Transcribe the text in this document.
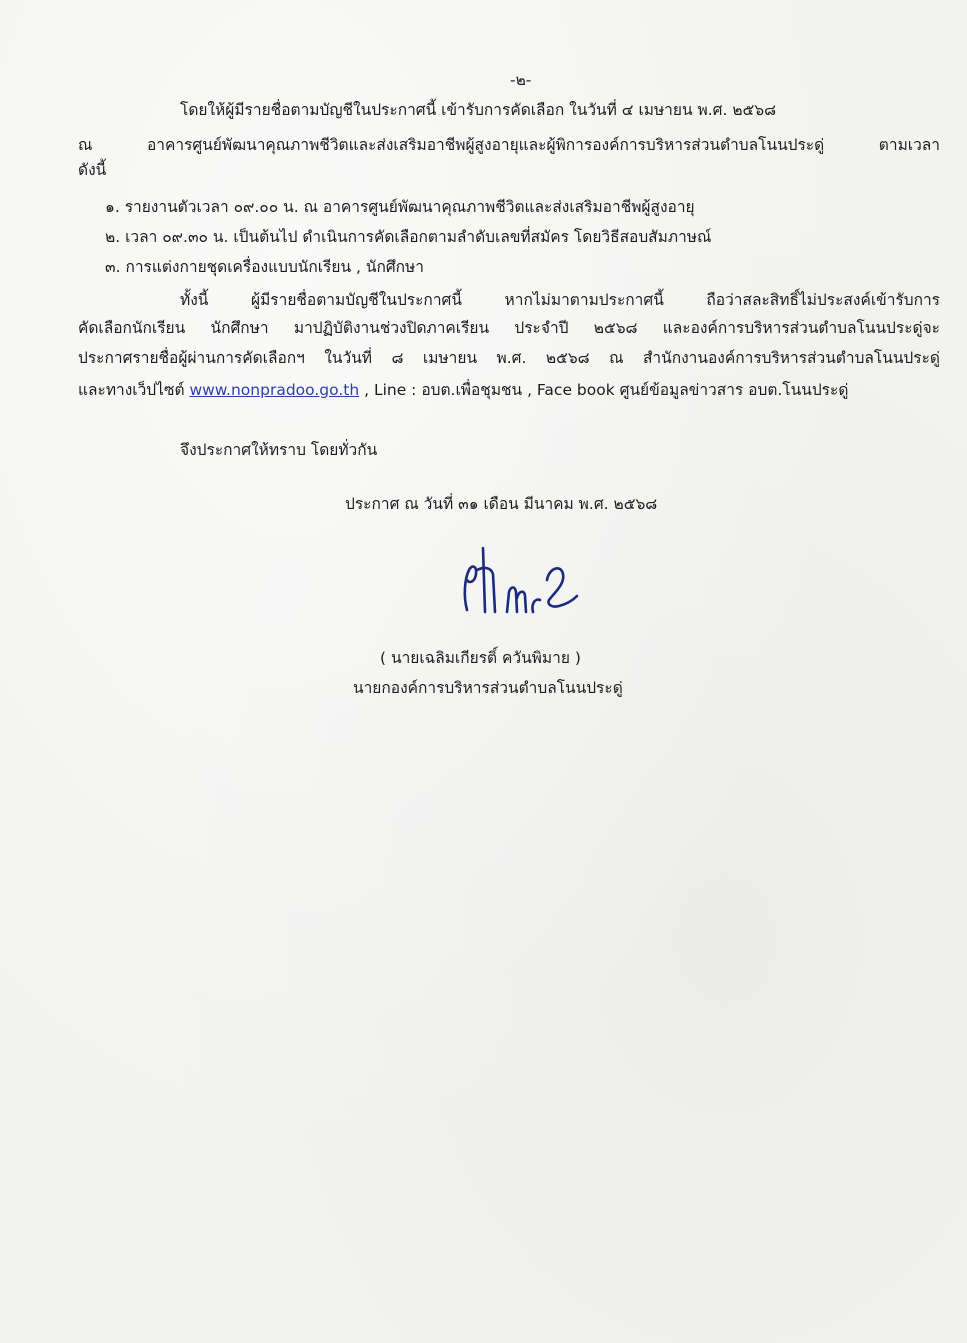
-๒-
โดยให้ผู้มีรายชื่อตามบัญชีในประกาศนี้ เข้ารับการคัดเลือก ในวันที่ ๔ เมษายน พ.ศ. ๒๕๖๘
ณ อาคารศูนย์พัฒนาคุณภาพชีวิตและส่งเสริมอาชีพผู้สูงอายุและผู้พิการองค์การบริหารส่วนตำบลโนนประดู่ ตามเวลา
ดังนี้
๑. รายงานตัวเวลา ๐๙.๐๐ น. ณ อาคารศูนย์พัฒนาคุณภาพชีวิตและส่งเสริมอาชีพผู้สูงอายุ
๒. เวลา ๐๙.๓๐ น. เป็นต้นไป ดำเนินการคัดเลือกตามลำดับเลขที่สมัคร โดยวิธีสอบสัมภาษณ์
๓. การแต่งกายชุดเครื่องแบบนักเรียน , นักศึกษา
ทั้งนี้ ผู้มีรายชื่อตามบัญชีในประกาศนี้ หากไม่มาตามประกาศนี้ ถือว่าสละสิทธิ์ไม่ประสงค์เข้ารับการ
คัดเลือกนักเรียน นักศึกษา มาปฏิบัติงานช่วงปิดภาคเรียน ประจำปี ๒๕๖๘ และองค์การบริหารส่วนตำบลโนนประดู่จะ
ประกาศรายชื่อผู้ผ่านการคัดเลือกฯ ในวันที่ ๘ เมษายน พ.ศ. ๒๕๖๘ ณ สำนักงานองค์การบริหารส่วนตำบลโนนประดู่
และทางเว็ปไซต์ www.nonpradoo.go.th , Line : อบต.เพื่อชุมชน , Face book ศูนย์ข้อมูลข่าวสาร อบต.โนนประดู่
จึงประกาศให้ทราบ โดยทั่วกัน
ประกาศ ณ วันที่ ๓๑ เดือน มีนาคม พ.ศ. ๒๕๖๘
( นายเฉลิมเกียรติ์ ควันพิมาย )
นายกองค์การบริหารส่วนตำบลโนนประดู่
